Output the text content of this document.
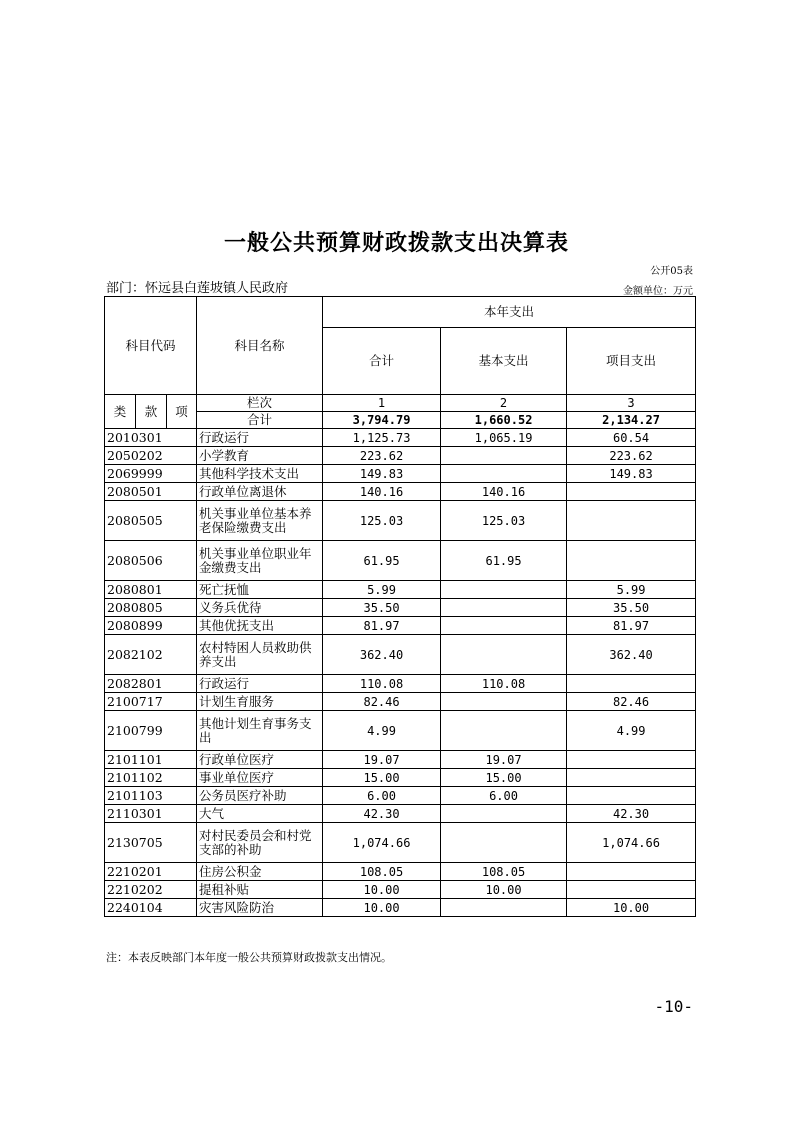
一般公共预算财政拨款支出决算表
公开05表
部门：怀远县白莲坡镇人民政府	金额单位：万元
科目代码			科目名称	本年支出		
				合计	基本支出	项目支出
类	款	项	栏次	1	2	3
			合计	3,794.79	1,660.52	2,134.27
2010301			行政运行	1,125.73	1,065.19	60.54
2050202			小学教育	223.62		223.62
2069999			其他科学技术支出	149.83		149.83
2080501			行政单位离退休	140.16	140.16	
2080505			机关事业单位基本养老保险缴费支出	125.03	125.03	
2080506			机关事业单位职业年金缴费支出	61.95	61.95	
2080801			死亡抚恤	5.99		5.99
2080805			义务兵优待	35.50		35.50
2080899			其他优抚支出	81.97		81.97
2082102			农村特困人员救助供养支出	362.40		362.40
2082801			行政运行	110.08	110.08	
2100717			计划生育服务	82.46		82.46
2100799			其他计划生育事务支出	4.99		4.99
2101101			行政单位医疗	19.07	19.07	
2101102			事业单位医疗	15.00	15.00	
2101103			公务员医疗补助	6.00	6.00	
2110301			大气	42.30		42.30
2130705			对村民委员会和村党支部的补助	1,074.66		1,074.66
2210201			住房公积金	108.05	108.05	
2210202			提租补贴	10.00	10.00	
2240104			灾害风险防治	10.00		10.00
注：本表反映部门本年度一般公共预算财政拨款支出情况。
-10-
